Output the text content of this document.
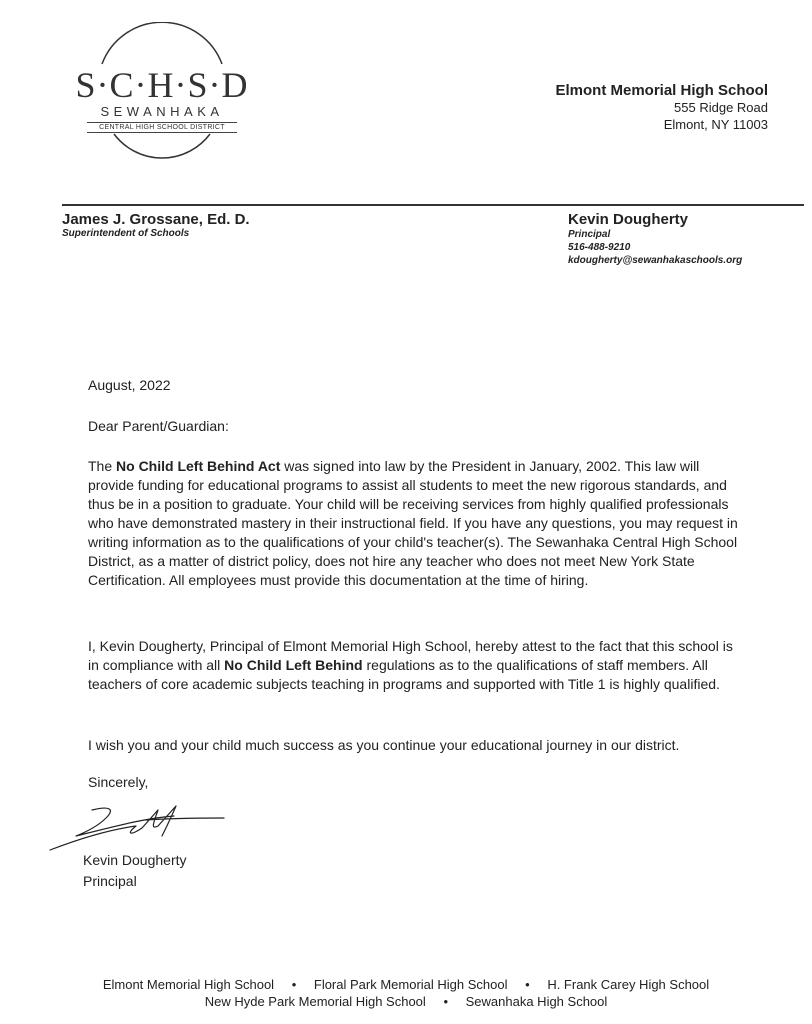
S·C·H·S·D
SEWANHAKA
CENTRAL HIGH SCHOOL DISTRICT
Elmont Memorial High School
555 Ridge Road
Elmont, NY 11003
James J. Grossane, Ed. D.
Superintendent of Schools
Kevin Dougherty
Principal
516-488-9210
kdougherty@sewanhakaschools.org
August, 2022
Dear Parent/Guardian:
The No Child Left Behind Act was signed into law by the President in January, 2002. This law will provide funding for educational programs to assist all students to meet the new rigorous standards, and thus be in a position to graduate. Your child will be receiving services from highly qualified professionals who have demonstrated mastery in their instructional field. If you have any questions, you may request in writing information as to the qualifications of your child's teacher(s). The Sewanhaka Central High School District, as a matter of district policy, does not hire any teacher who does not meet New York State Certification. All employees must provide this documentation at the time of hiring.
I, Kevin Dougherty, Principal of Elmont Memorial High School, hereby attest to the fact that this school is in compliance with all No Child Left Behind regulations as to the qualifications of staff members. All teachers of core academic subjects teaching in programs and supported with Title 1 is highly qualified.
I wish you and your child much success as you continue your educational journey in our district.
Sincerely,
Kevin Dougherty
Principal
Elmont Memorial High School • Floral Park Memorial High School • H. Frank Carey High School
New Hyde Park Memorial High School • Sewanhaka High School
